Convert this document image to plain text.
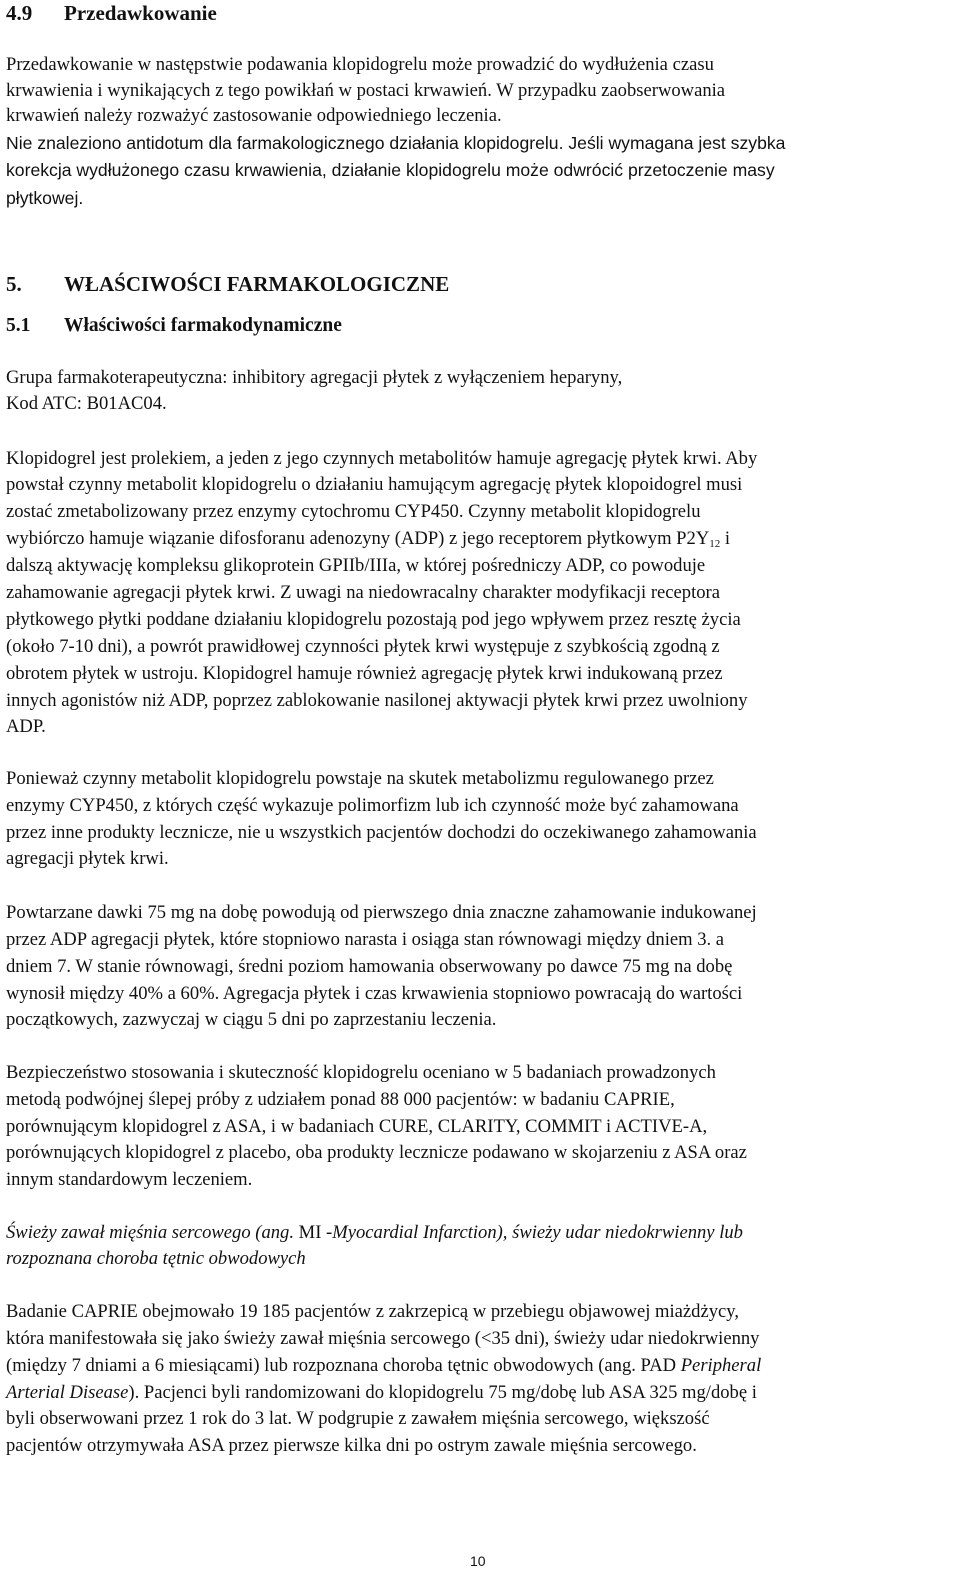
4.9 Przedawkowanie
Przedawkowanie w następstwie podawania klopidogrelu może prowadzić do wydłużenia czasu
krwawienia i wynikających z tego powikłań w postaci krwawień. W przypadku zaobserwowania
krwawień należy rozważyć zastosowanie odpowiedniego leczenia.
Nie znaleziono antidotum dla farmakologicznego działania klopidogrelu. Jeśli wymagana jest szybka
korekcja wydłużonego czasu krwawienia, działanie klopidogrelu może odwrócić przetoczenie masy
płytkowej.
5. WŁAŚCIWOŚCI FARMAKOLOGICZNE
5.1 Właściwości farmakodynamiczne
Grupa farmakoterapeutyczna: inhibitory agregacji płytek z wyłączeniem heparyny,
Kod ATC: B01AC04.
Klopidogrel jest prolekiem, a jeden z jego czynnych metabolitów hamuje agregację płytek krwi. Aby
powstał czynny metabolit klopidogrelu o działaniu hamującym agregację płytek klopoidogrel musi
zostać zmetabolizowany przez enzymy cytochromu CYP450. Czynny metabolit klopidogrelu
wybiórczo hamuje wiązanie difosforanu adenozyny (ADP) z jego receptorem płytkowym $P2Y_{12}$ i
dalszą aktywację kompleksu glikoprotein GPIIb/IIIa, w której pośredniczy ADP, co powoduje
zahamowanie agregacji płytek krwi. Z uwagi na niedowracalny charakter modyfikacji receptora
płytkowego płytki poddane działaniu klopidogrelu pozostają pod jego wpływem przez resztę życia
(około 7-10 dni), a powrót prawidłowej czynności płytek krwi występuje z szybkością zgodną z
obrotem płytek w ustroju. Klopidogrel hamuje również agregację płytek krwi indukowaną przez
innych agonistów niż ADP, poprzez zablokowanie nasilonej aktywacji płytek krwi przez uwolniony
ADP.
Ponieważ czynny metabolit klopidogrelu powstaje na skutek metabolizmu regulowanego przez
enzymy CYP450, z których część wykazuje polimorfizm lub ich czynność może być zahamowana
przez inne produkty lecznicze, nie u wszystkich pacjentów dochodzi do oczekiwanego zahamowania
agregacji płytek krwi.
Powtarzane dawki 75 mg na dobę powodują od pierwszego dnia znaczne zahamowanie indukowanej
przez ADP agregacji płytek, które stopniowo narasta i osiąga stan równowagi między dniem 3. a
dniem 7. W stanie równowagi, średni poziom hamowania obserwowany po dawce 75 mg na dobę
wynosił między 40% a 60%. Agregacja płytek i czas krwawienia stopniowo powracają do wartości
początkowych, zazwyczaj w ciągu 5 dni po zaprzestaniu leczenia.
Bezpieczeństwo stosowania i skuteczność klopidogrelu oceniano w 5 badaniach prowadzonych
metodą podwójnej ślepej próby z udziałem ponad 88 000 pacjentów: w badaniu CAPRIE,
porównującym klopidogrel z ASA, i w badaniach CURE, CLARITY, COMMIT i ACTIVE-A,
porównujących klopidogrel z placebo, oba produkty lecznicze podawano w skojarzeniu z ASA oraz
innym standardowym leczeniem.
Świeży zawał mięśnia sercowego (ang. MI -Myocardial Infarction), świeży udar niedokrwienny lub
rozpoznana choroba tętnic obwodowych
Badanie CAPRIE obejmowało 19 185 pacjentów z zakrzepicą w przebiegu objawowej miażdżycy,
która manifestowała się jako świeży zawał mięśnia sercowego (<35 dni), świeży udar niedokrwienny
(między 7 dniami a 6 miesiącami) lub rozpoznana choroba tętnic obwodowych (ang. PAD Peripheral
Arterial Disease). Pacjenci byli randomizowani do klopidogrelu 75 mg/dobę lub ASA 325 mg/dobę i
byli obserwowani przez 1 rok do 3 lat. W podgrupie z zawałem mięśnia sercowego, większość
pacjentów otrzymywała ASA przez pierwsze kilka dni po ostrym zawale mięśnia sercowego.
10
